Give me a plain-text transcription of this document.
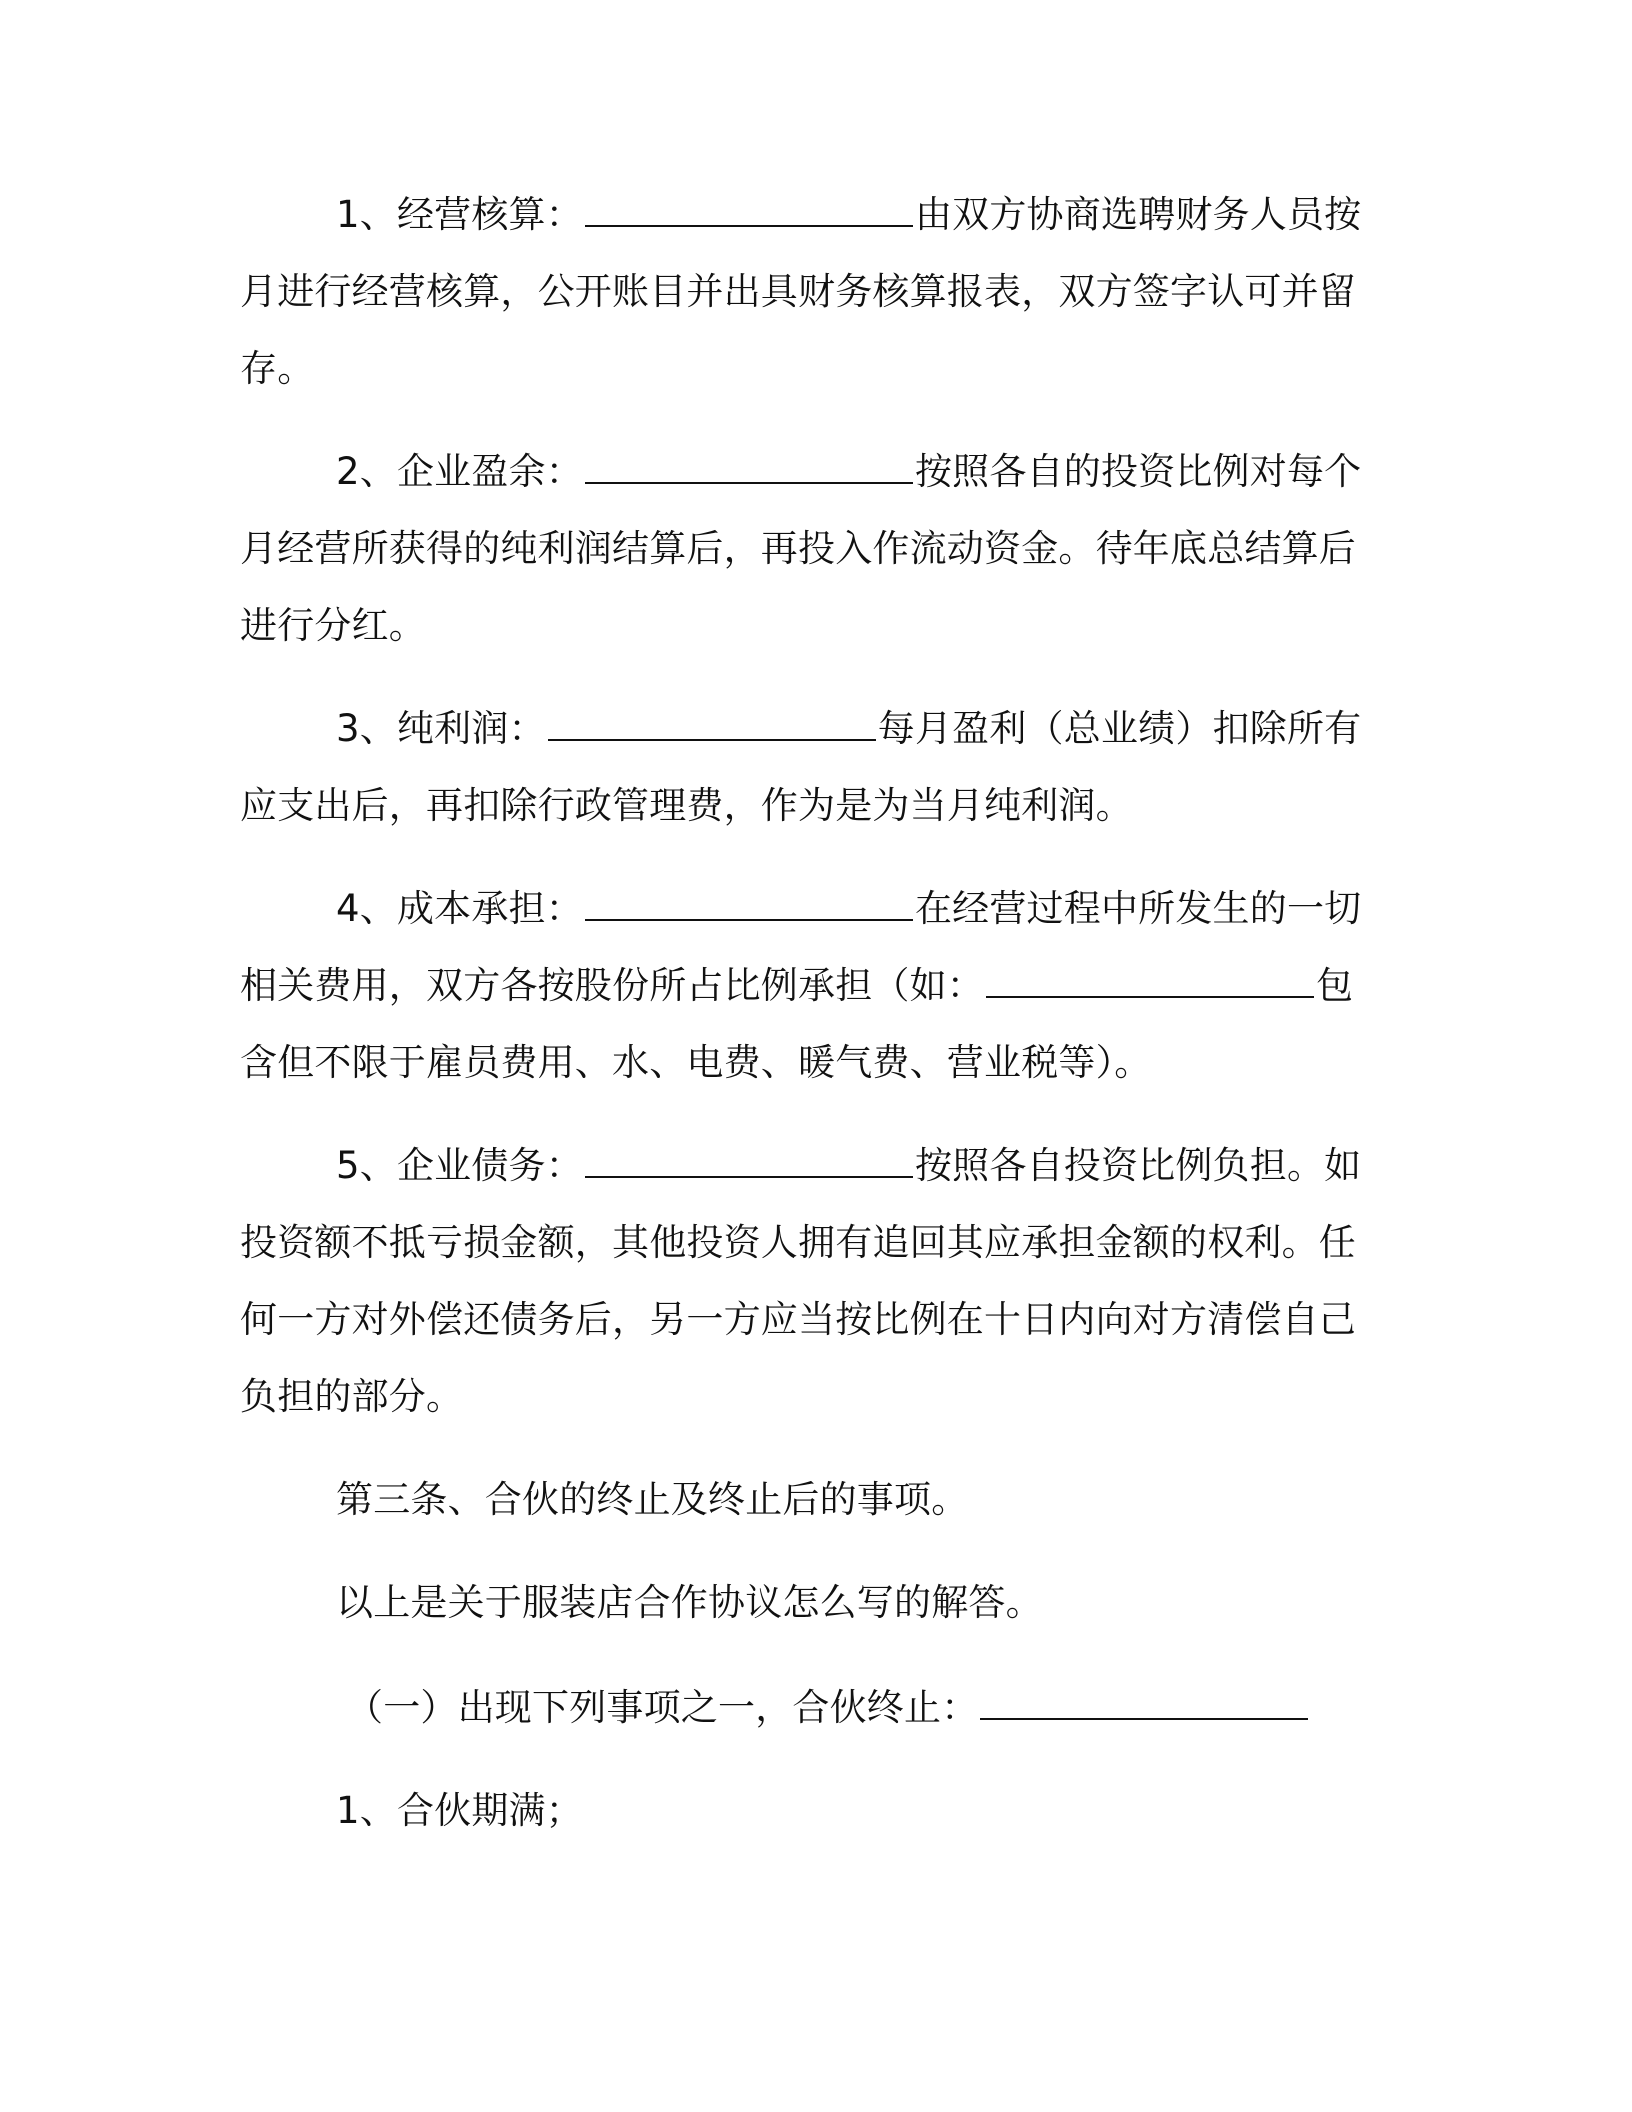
1、经营核算：	由双方协商选聘财务人员按
月进行经营核算，公开账目并出具财务核算报表，双方签字认可并留
存。
2、企业盈余：	按照各自的投资比例对每个
月经营所获得的纯利润结算后，再投入作流动资金。待年底总结算后
进行分红。
3、纯利润：	每月盈利（总业绩）扣除所有
应支出后，再扣除行政管理费，作为是为当月纯利润。
4、成本承担：	在经营过程中所发生的一切
相关费用，双方各按股份所占比例承担（如：	包
含但不限于雇员费用、水、电费、暖气费、营业税等）。
5、企业债务：	按照各自投资比例负担。如
投资额不抵亏损金额，其他投资人拥有追回其应承担金额的权利。任
何一方对外偿还债务后，另一方应当按比例在十日内向对方清偿自己
负担的部分。
第三条、合伙的终止及终止后的事项。
以上是关于服装店合作协议怎么写的解答。
（一）出现下列事项之一，合伙终止：
1、合伙期满；
